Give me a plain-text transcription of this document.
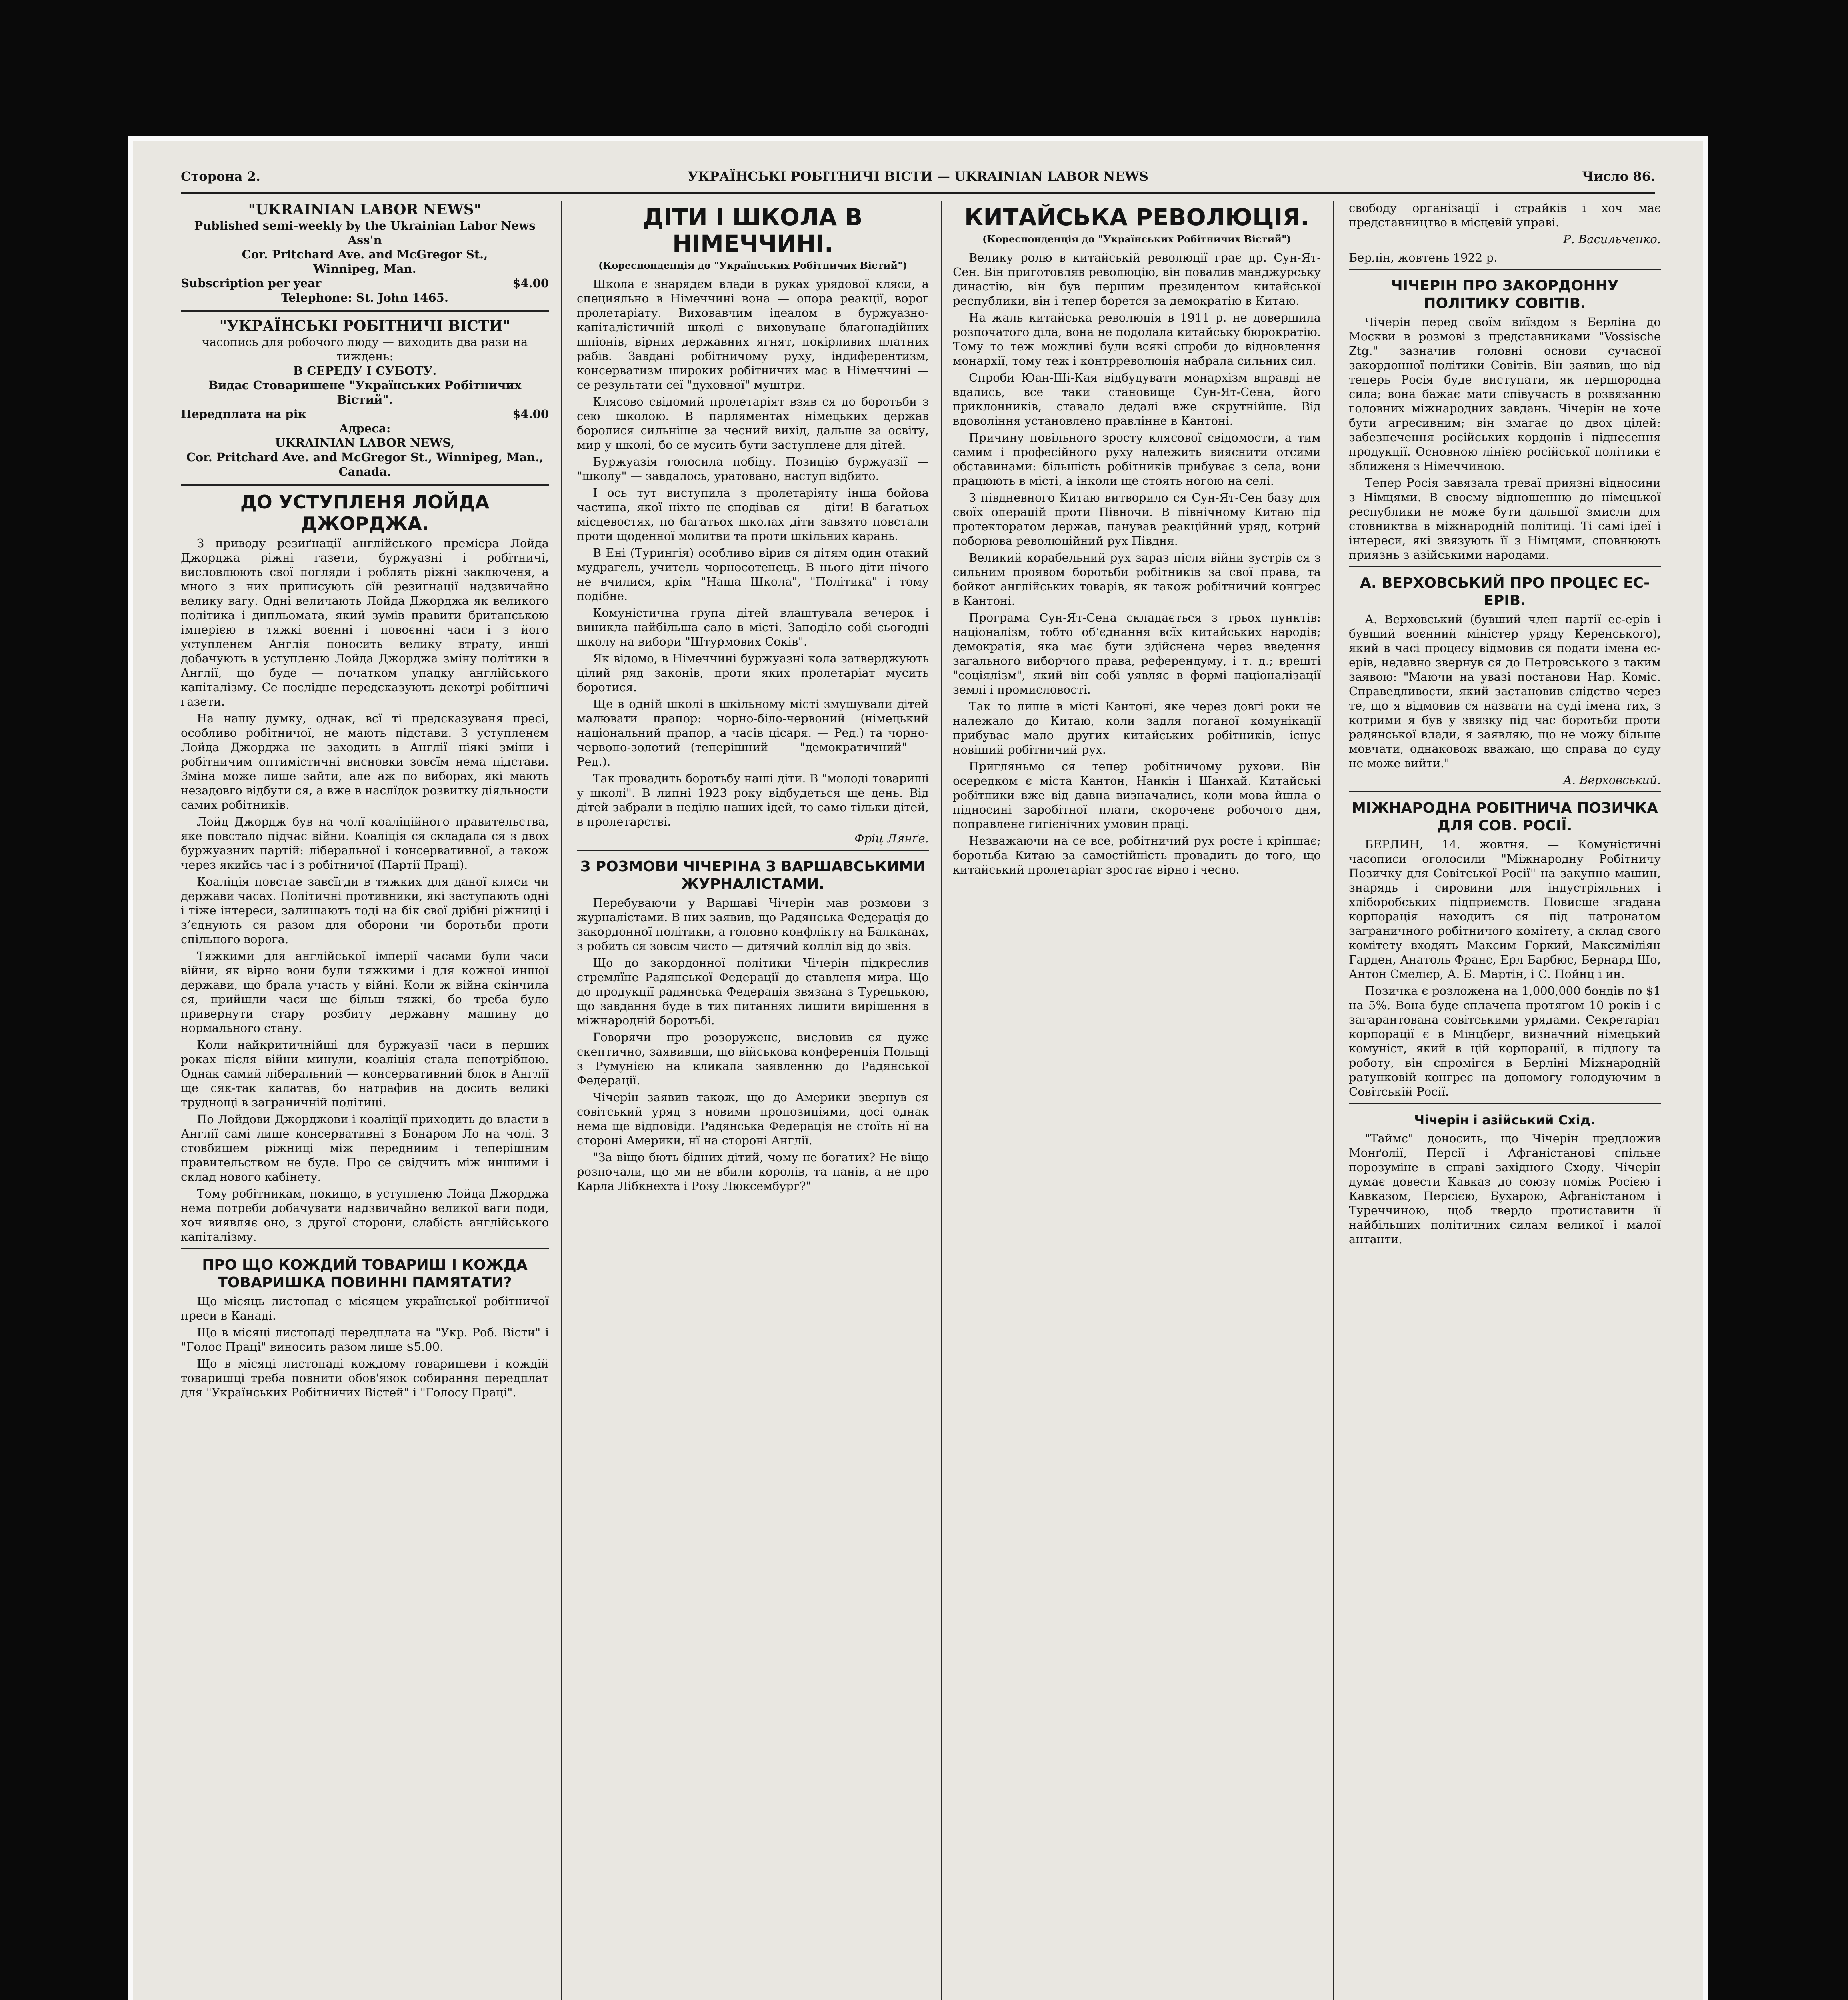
Сторона 2.	УКРАЇНСЬКІ РОБІТНИЧІ ВІСТИ — UKRAINIAN LABOR NEWS	Число 86.
"UKRAINIAN LABOR NEWS"
Published semi-weekly by the Ukrainian Labor News Ass'n
Cor. Pritchard Ave. and McGregor St.,
Winnipeg, Man.
Subscription per year	$4.00
Telephone: St. John 1465.
"УКРАЇНСЬКІ РОБІТНИЧІ ВІСТИ"
часопись для робочого люду — виходить два рази на тиждень:
В СЕРЕДУ І СУБОТУ.
Видає Стоваришене "Українських Робітничих Вістий".
Передплата на рік	$4.00
Адреса:
UKRAINIAN LABOR NEWS,
Cor. Pritchard Ave. and McGregor St., Winnipeg, Man., Canada.
ДО УСТУПЛЕНЯ ЛОЙДА ДЖОРДЖА.

З приводу резиґнації англійського премієра Лойда Джорджа ріжні газети, буржуазні і робітничі, висловлюють свої погляди і роблять ріжні заключеня, а много з них приписують сїй резиґнації надзвичайно велику вагу. Одні величають Лойда Джорджа як великого політика і дипльомата, який зумів правити британською імперією в тяжкі воєнні і повоєнні часи і з його уступленєм Англія поносить велику втрату, инші добачують в уступленю Лойда Джорджа зміну політики в Англії, що буде — початком упадку англійського капіталізму. Се послідне передсказують декотрі робітничі газети.

На нашу думку, однак, всї ті предсказуваня пресі, особливо робітничої, не мають підстави. З уступленєм Лойда Джорджа не заходить в Англії ніякі зміни і робітничим оптимістичні висновки зовсїм нема підстави. Зміна може лише зайти, але аж по виборах, які мають незадовго відбути ся, а вже в наслїдок розвитку діяльности самих робітників.

Лойд Джордж був на чолї коаліційного правительства, яке повстало підчас війни. Коаліція ся складала ся з двох буржуазних партій: ліберальної і консервативної, а також через якийсь час і з робітничої (Партії Праці).

Коаліція повстае завсїгди в тяжких для даної кляси чи держави часах. Політичні противники, які заступають одні і тіже інтереси, залишають тоді на бік свої дрібні ріжниці і з’єднують ся разом для оборони чи боротьби проти спільного ворога.

Тяжкими для англійської імперії часами були часи війни, як вірно вони були тяжкими і для кожної иншої держави, що брала участь у війні. Коли ж війна скінчила ся, прийшли часи ще більш тяжкі, бо треба було привернути стару розбиту державну машину до нормального стану.

Коли найкритичнійші для буржуазії часи в перших роках після війни минули, коаліція стала непотрібною. Однак самий ліберальний — консервативний блок в Англії ще сяк-так калатав, бо натрафив на досить великі труднощі в заграничній політиці.

По Лойдови Джорджови і коаліції приходить до власти в Англії самі лише консервативні з Бонаром Ло на чолі. З стовбищем ріжниці між передниим і теперішним правительством не буде. Про се свідчить між иншими і склад нового кабінету.

Тому робітникам, покищо, в уступленю Лойда Джорджа нема потреби добачувати надзвичайно великої ваги поди, хоч виявляє оно, з другої сторони, слабість англійського капіталізму.

ПРО ЩО КОЖДИЙ ТОВАРИШ І КОЖДА ТОВАРИШКА ПОВИННІ ПАМЯТАТИ?

Що місяць листопад є місяцем української робітничої преси в Канаді.

Що в місяці листопаді передплата на "Укр. Роб. Вісти" і "Голос Праці" виносить разом лише $5.00.

Що в місяці листопаді кождому товаришеви і кождій товаришці треба повнити обов'язок собирання передплат для "Українських Робітничих Вістей" і "Голосу Праці".

ДІТИ І ШКОЛА В НІМЕЧЧИНІ.
(Кореспонденція до "Українських Робітничих Вістий")

Школа є знарядєм влади в руках урядової кляси, а специяльно в Німеччині вона — опора реакції, ворог пролетаріату. Виховавчим ідеалом в буржуазно-капіталістичній школі є виховуване благонадійних шпіонів, вірних державних ягнят, покірливих платних рабів. Завдані робітничому руху, індиферентизм, консерватизм широких робітничих мас в Німеччині — се результати сеї "духовної" муштри.

Клясово свідомий пролетаріят взяв ся до боротьби з сею школою. В парляментах німецьких держав боролися сильніше за чесний вихід, дальше за освіту, мир у школі, бо се мусить бути заступлене для дітей.

Буржуазія голосила побіду. Позицію буржуазії — "школу" — завдалось, уратовано, наступ відбито.

І ось тут виступила з пролетаріяту інша бойова частина, якої ніхто не сподівав ся — діти! В багатьох місцевостях, по багатьох школах діти завзято повстали проти щоденної молитви та проти шкільних карань.

В Ені (Турингія) особливо вірив ся дітям один отакий мудрагель, учитель чорносотенець. В нього діти нічого не вчилися, крім "Наша Школа", "Політика" і тому подібне.

Комуністична група дітей влаштувала вечерок і виникла найбільша сало в місті. Заподіло собі сьогодні школу на вибори "Штурмових Соків".

Як відомо, в Німеччині буржуазні кола затверджують цілий ряд законів, проти яких пролетаріат мусить боротися.

Ще в одній школі в шкільному місті змушували дітей малювати прапор: чорно-біло-червоний (німецький національний прапор, а часів цісаря. — Ред.) та чорно-червоно-золотий (теперішний — "демократичний" — Ред.).

Так провадить боротьбу наші діти. В "молоді товариші у школі". В липні 1923 року відбудеться ще день. Від дітей забрали в неділю наших ідей, то само тільки дітей, в пролетарстві.

Фріц Лянґе.
З РОЗМОВИ ЧІЧЕРІНА З ВАРШАВСЬКИМИ ЖУРНАЛІСТАМИ.

Перебуваючи у Варшаві Чічерін мав розмови з журналістами. В них заявив, що Радянська Федерація до закордонної політики, а головно конфлікту на Балканах, з робить ся зовсім чисто — дитячий колліл від до звіз.

Що до закордонної політики Чічерін підкреслив стремлїне Радянської Федерації до ставленя мира. Що до продукції радянська Федерація звязана з Турецькою, що завдання буде в тих питаннях лишити вирішення в міжнародній боротьбі.

Говорячи про розоруженє, висловив ся дуже скептично, заявивши, що військова конференція Польщі з Румунією на кликала заявленню до Радянської Федерації.

Чічерін заявив також, що до Америки звернув ся совітський уряд з новими пропозиціями, досі однак нема ще відповіди. Радянська Федерація не стоїть нї на стороні Америки, нї на стороні Англії.

"За віщо бють бідних дітий, чому не богатих? Не віщо розпочали, що ми не вбили королів, та панів, а не про Карла Лібкнехта і Розу Люксембург?"

КИТАЙСЬКА РЕВОЛЮЦІЯ.
(Кореспонденція до "Українських Робітничих Вістий")

Велику ролю в китайській революції грає др. Сун-Ят-Сен. Він приготовляв революцію, він повалив манджурську династію, він був першим президентом китайської республики, він і тепер борется за демократію в Китаю.

На жаль китайська революція в 1911 р. не довершила розпочатого діла, вона не подолала китайську бюрократію. Тому то теж можливі були всякі спроби до відновлення монархії, тому теж і контрреволюція набрала сильних сил.

Спроби Юан-Ші-Кая відбудувати монархізм вправді не вдались, все таки становище Сун-Ят-Сена, його приклонників, ставало дедалі вже скрутнійше. Від вдовоління установлено правлінне в Кантоні.

Причину повільного зросту клясової свідомости, а тим самим і професійного руху належить вияснити отсими обставинами: більшість робітників прибуває з села, вони працюють в місті, а інколи ще стоять ногою на селі.

З півдневного Китаю витворило ся Сун-Ят-Сен базу для своїх операцій проти Півночи. В північному Китаю під протекторатом держав, панував реакційний уряд, котрий поборюва революційний рух Півдня.

Великий корабельний рух зараз після війни зустрів ся з сильним проявом боротьби робітників за свої права, та бойкот англійських товарів, як також робітничий конгрес в Кантоні.

Програма Сун-Ят-Сена складається з трьох пунктів: націоналізм, тобто об’єднання всїх китайських народів; демократія, яка має бути здійснена через введення загального виборчого права, референдуму, і т. д.; врешті "соціялізм", який він собі уявляє в формі націоналізації землі і промисловості.

Так то лише в місті Кантоні, яке через довгі роки не належало до Китаю, коли задля поганої комунікації прибуває мало других китайських робітників, існує новіший робітничий рух.

Пригляньмо ся тепер робітничому рухови. Він осередком є міста Кантон, Нанкін і Шанхай. Китайські робітники вже від давна визначались, коли мова йшла о підносині заробітної плати, скороченє робочого дня, поправлене гигієнічних умовин праці.

Незважаючи на се все, робітничий рух росте і кріпшає; боротьба Китаю за самостійність провадить до того, що китайський пролетаріат зростає вірно і чесно.

свободу організації і страйків і хоч має представництво в місцевій управі.

Р. Васильченко.
Берлін, жовтень 1922 р.
ЧІЧЕРІН ПРО ЗАКОРДОННУ ПОЛІТИКУ СОВІТІВ.

Чічерін перед своїм виїздом з Берліна до Москви в розмові з представниками "Vossische Ztg." зазначив головні основи сучасної закордонної політики Совітів. Він заявив, що від теперь Росія буде виступати, як першородна сила; вона бажає мати співучасть в розвязанню головних міжнародних завдань. Чічерін не хоче бути агресивним; він змагає до двох цілей: забезпечення російських кордонів і піднесення продукції. Основною лінією російської політики є зближеня з Німеччиною.

Тепер Росія завязала треваї приязні відносини з Німцями. В своєму відношенню до німецької республики не може бути дальшої змисли для стовниктва в міжнародній політиці. Ті самі ідеї і інтереси, які звязують її з Німцями, сповнюють приязнь з азійськими народами.

А. ВЕРХОВСЬКИЙ ПРО ПРОЦЕС ЕС-ЕРІВ.

А. Верховський (бувший член партії ес-ерів і бувший воєнний міністер уряду Керенського), який в часі процесу відмовив ся подати імена ес-ерів, недавно звернув ся до Петровського з таким заявою: "Маючи на увазі постанови Нар. Коміс. Справедливости, який застановив слідство через те, що я відмовив ся назвати на суді імена тих, з котрими я був у звязку під час боротьби проти радянської влади, я заявляю, що не можу більше мовчати, однаковож вважаю, що справа до суду не може вийти."

А. Верховський.
МІЖНАРОДНА РОБІТНИЧА ПОЗИЧКА ДЛЯ СОВ. РОСІЇ.

БЕРЛИН, 14. жовтня. — Комуністичні часописи оголосили "Міжнародну Робітничу Позичку для Совітської Росії" на закупно машин, знарядь і сировини для індустріяльних і хліборобських підприємств. Повисше згадана корпорація находить ся під патронатом заграничного робітничого комітету, а склад свого комітету входять Максим Горкий, Максиміліян Гарден, Анатоль Франс, Ерл Барбюс, Бернард Шо, Антон Смелієр, А. Б. Мартін, і С. Пойнц і ин.

Позичка є розложена на 1,000,000 бондів по $1 на 5%. Вона буде сплачена протягом 10 років і є загарантована совітськими урядами. Секретаріат корпорації є в Мінцберг, визначний німецький комуніст, який в цій корпорації, в підлогу та роботу, він спромігся в Берліні Міжнародній ратунковій конгрес на допомогу голодуючим в Совітській Росії.

Чічерін і азійський Схід.

"Таймс" доносить, що Чічерін предложив Монґолії, Персії і Афганістанові спільне порозуміне в справі західного Сходу. Чічерін думає довести Кавказ до союзу поміж Росією і Кавказом, Персією, Бухарою, Афганістаном і Туреччиною, щоб твердо протиставити її найбільших політичних силам великої і малої антанти.
